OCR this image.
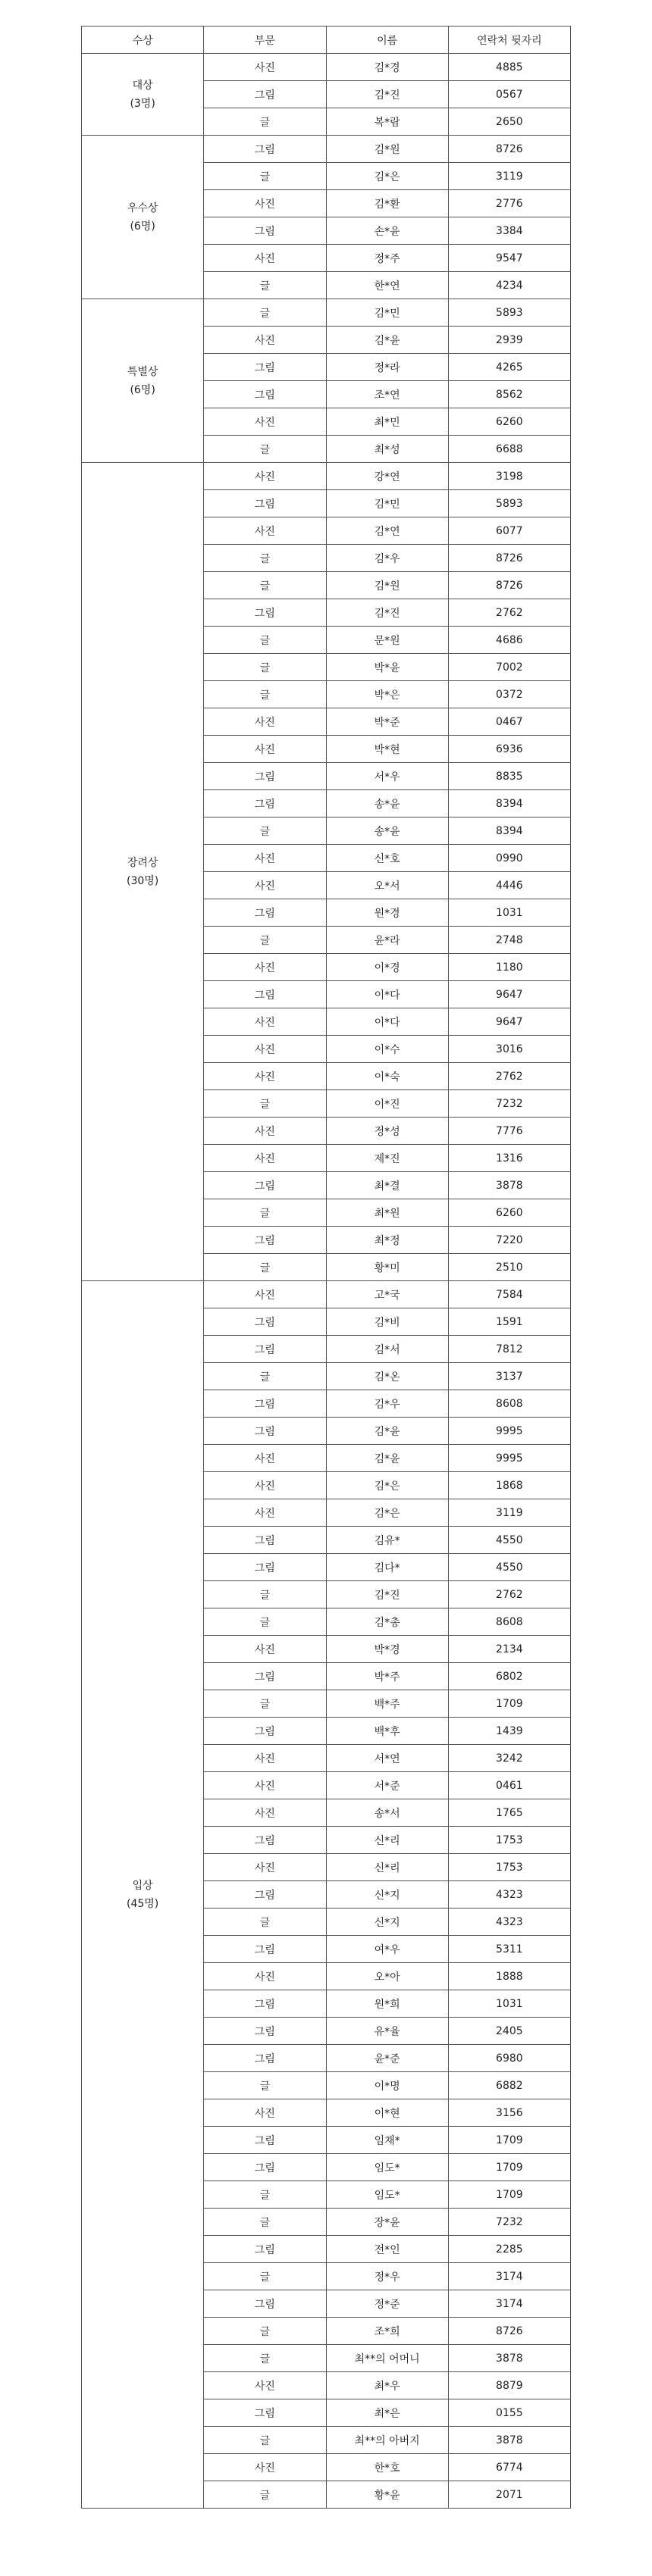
수상	부문	이름	연락처 뒷자리

대상
(3명)	사진	김*경	4885
	그림	김*진	0567
	글	복*람	2650

우수상
(6명)	그림	김*원	8726
	글	김*은	3119
	사진	김*환	2776
	그림	손*윤	3384
	사진	정*주	9547
	글	한*연	4234

특별상
(6명)	글	김*민	5893
	사진	김*윤	2939
	그림	정*라	4265
	그림	조*연	8562
	사진	최*민	6260
	글	최*성	6688

장려상
(30명)	사진	강*연	3198
	그림	김*민	5893
	사진	김*연	6077
	글	김*우	8726
	글	김*원	8726
	그림	김*진	2762
	글	문*원	4686
	글	박*윤	7002
	글	박*은	0372
	사진	박*준	0467
	사진	박*현	6936
	그림	서*우	8835
	그림	송*윤	8394
	글	송*윤	8394
	사진	신*호	0990
	사진	오*서	4446
	그림	원*경	1031
	글	윤*라	2748
	사진	이*경	1180
	그림	이*다	9647
	사진	이*다	9647
	사진	이*수	3016
	사진	이*숙	2762
	글	이*진	7232
	사진	정*성	7776
	사진	제*진	1316
	그림	최*결	3878
	글	최*원	6260
	그림	최*정	7220
	글	황*미	2510

입상
(45명)	사진	고*국	7584
	그림	김*비	1591
	그림	김*서	7812
	글	김*온	3137
	그림	김*우	8608
	그림	김*윤	9995
	사진	김*윤	9995
	사진	김*은	1868
	사진	김*은	3119
	그림	김유*	4550
	그림	김다*	4550
	글	김*진	2762
	글	김*총	8608
	사진	박*경	2134
	그림	박*주	6802
	글	백*주	1709
	그림	백*후	1439
	사진	서*연	3242
	사진	서*준	0461
	사진	송*서	1765
	그림	신*리	1753
	사진	신*리	1753
	그림	신*지	4323
	글	신*지	4323
	그림	여*우	5311
	사진	오*아	1888
	그림	원*희	1031
	그림	유*율	2405
	그림	윤*준	6980
	글	이*명	6882
	사진	이*현	3156
	그림	임채*	1709
	그림	임도*	1709
	글	임도*	1709
	글	장*윤	7232
	그림	전*인	2285
	글	정*우	3174
	그림	정*준	3174
	글	조*희	8726
	글	최**의 어머니	3878
	사진	최*우	8879
	그림	최*은	0155
	글	최**의 아버지	3878
	사진	한*호	6774
	글	황*윤	2071
